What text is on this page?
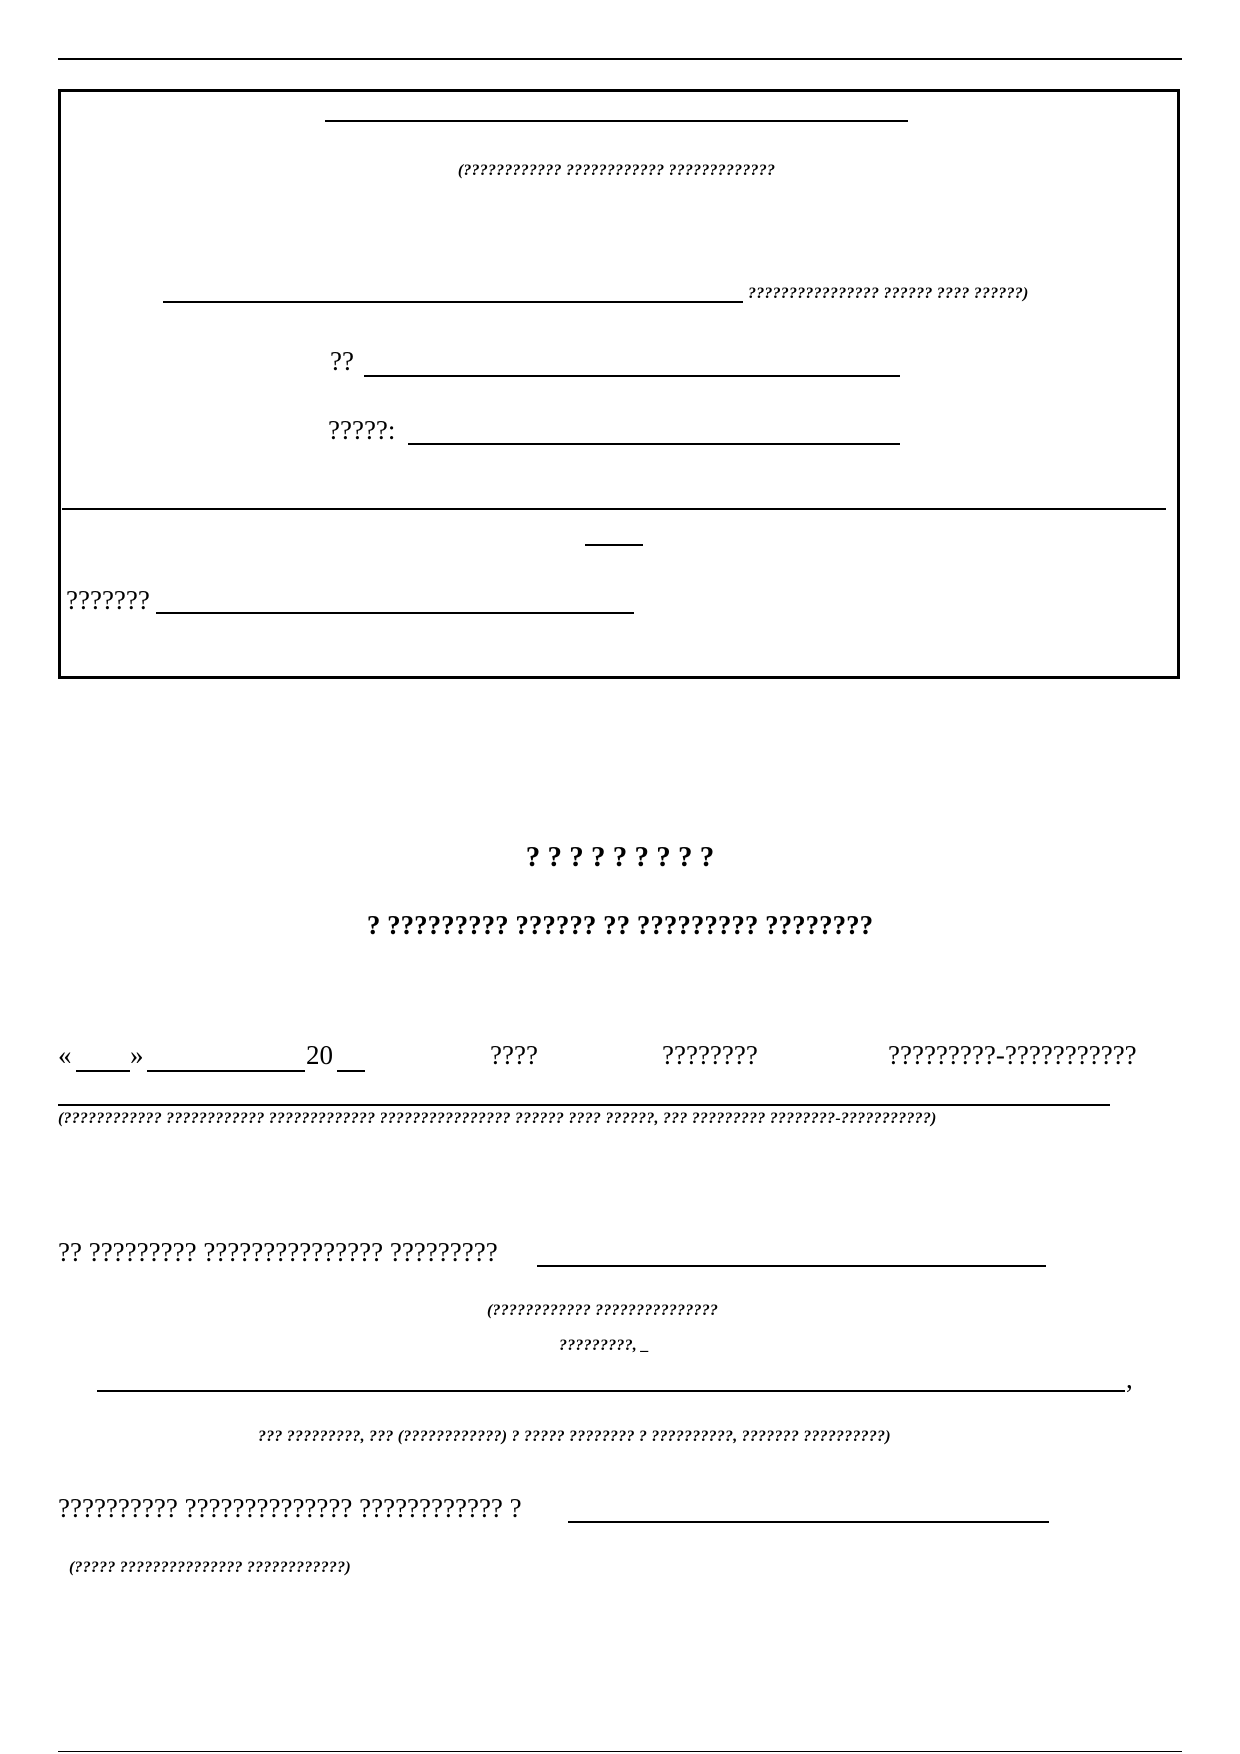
(???????????? ???????????? ?????????????
???????????????? ?????? ???? ??????)
??
?????:
???????
? ? ? ? ? ? ? ? ?
? ????????? ?????? ?? ????????? ????????
« »	20	????	????????	?????????-???????????
(???????????? ???????????? ????????????? ???????????????? ?????? ???? ??????, ??? ????????? ????????-???????????)
?? ????????? ??????????????? ?????????
(???????????? ???????????????
?????????, _
,
??? ?????????, ??? (????????????) ? ????? ???????? ? ??????????, ??????? ??????????)
?????????? ?????????????? ???????????? ?
(????? ??????????????? ????????????)
